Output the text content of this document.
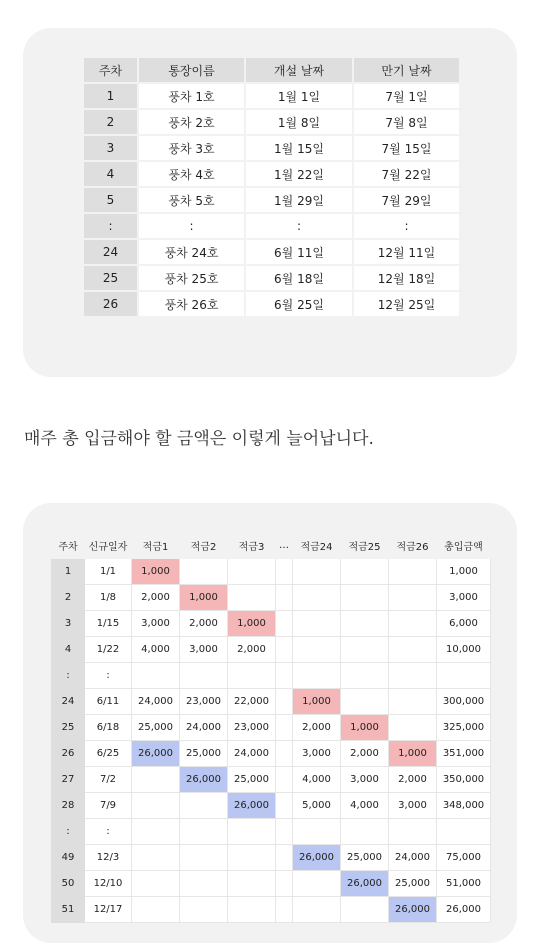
주차	통장이름	개설 날짜	만기 날짜
1	풍차 1호	1월 1일	7월 1일
2	풍차 2호	1월 8일	7월 8일
3	풍차 3호	1월 15일	7월 15일
4	풍차 4호	1월 22일	7월 22일
5	풍차 5호	1월 29일	7월 29일
:	:	:	:
24	풍차 24호	6월 11일	12월 11일
25	풍차 25호	6월 18일	12월 18일
26	풍차 26호	6월 25일	12월 25일

매주 총 입금해야 할 금액은 이렇게 늘어납니다.

주차	신규일자	적금1	적금2	적금3	…	적금24	적금25	적금26	총입금액
1	1/1	1,000							1,000
2	1/8	2,000	1,000						3,000
3	1/15	3,000	2,000	1,000					6,000
4	1/22	4,000	3,000	2,000					10,000
:	:								
24	6/11	24,000	23,000	22,000		1,000			300,000
25	6/18	25,000	24,000	23,000		2,000	1,000		325,000
26	6/25	26,000	25,000	24,000		3,000	2,000	1,000	351,000
27	7/2		26,000	25,000		4,000	3,000	2,000	350,000
28	7/9			26,000		5,000	4,000	3,000	348,000
:	:								
49	12/3					26,000	25,000	24,000	75,000
50	12/10						26,000	25,000	51,000
51	12/17							26,000	26,000
